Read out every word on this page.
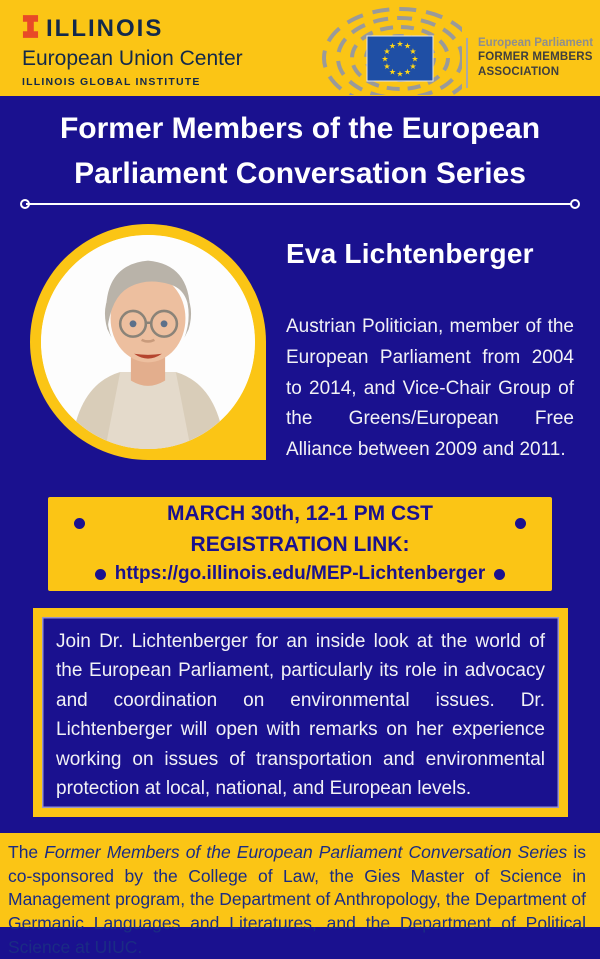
ILLINOIS
European Union Center
ILLINOIS GLOBAL INSTITUTE
★ ★
★
★
★
★
★
★
★
★
★
★	European Parliament
FORMER MEMBERS
ASSOCIATION
Former Members of the European
Parliament Conversation Series
Eva Lichtenberger
Austrian Politician, member of the European Parliament from 2004 to 2014, and Vice-Chair Group of the Greens/European Free Alliance between 2009 and 2011.
MARCH 30th, 12-1 PM CST
REGISTRATION LINK:
https://go.illinois.edu/MEP-Lichtenberger
Join Dr. Lichtenberger for an inside look at the world of the European Parliament, particularly its role in advocacy and coordination on environmental issues. Dr. Lichtenberger will open with remarks on her experience working on issues of transportation and environmental protection at local, national, and European levels.
The Former Members of the European Parliament Conversation Series is co-sponsored by the College of Law, the Gies Master of Science in Management program, the Department of Anthropology, the Department of Germanic Languages and Literatures, and the Department of Political Science at UIUC.
